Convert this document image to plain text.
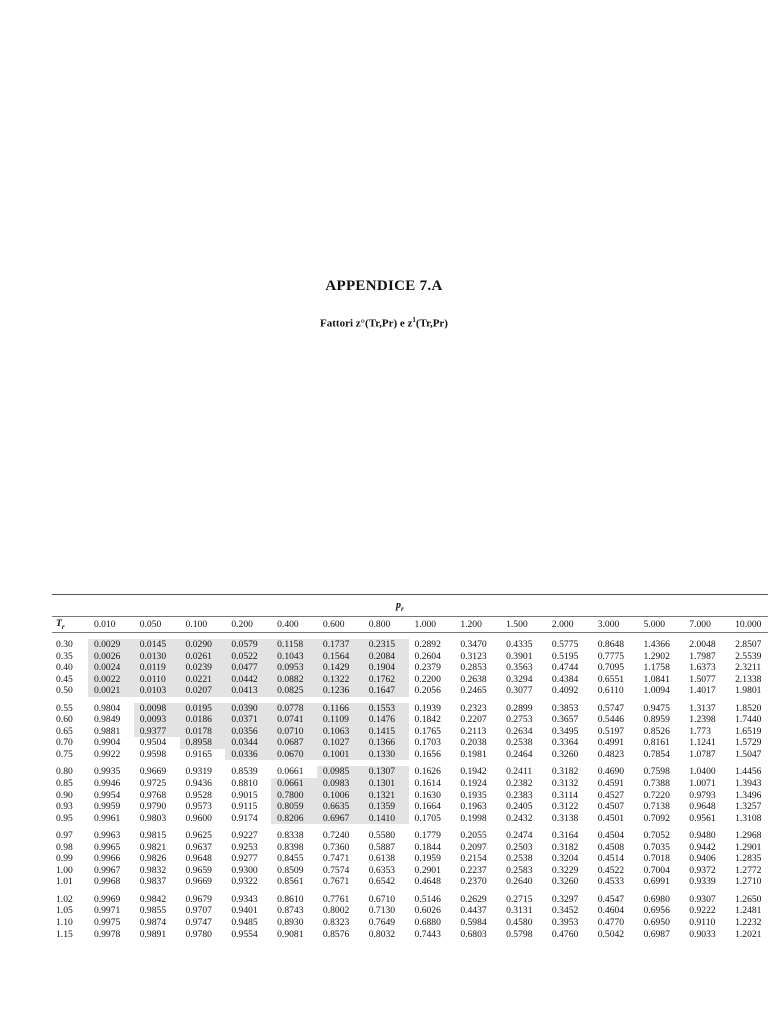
APPENDICE 7.A
Fattori z°(Tr,Pr) e $z^1(Tr,Pr)$
$p_r$
$T_r$	0.010	0.050	0.100	0.200	0.400	0.600	0.800	1.000	1.200	1.500	2.000	3.000	5.000	7.000	10.000

0.30	0.0029	0.0145	0.0290	0.0579	0.1158	0.1737	0.2315	0.2892	0.3470	0.4335	0.5775	0.8648	1.4366	2.0048	2.8507
0.35	0.0026	0.0130	0.0261	0.0522	0.1043	0.1564	0.2084	0.2604	0.3123	0.3901	0.5195	0.7775	1.2902	1.7987	2.5539
0.40	0.0024	0.0119	0.0239	0.0477	0.0953	0.1429	0.1904	0.2379	0.2853	0.3563	0.4744	0.7095	1.1758	1.6373	2.3211
0.45	0.0022	0.0110	0.0221	0.0442	0.0882	0.1322	0.1762	0.2200	0.2638	0.3294	0.4384	0.6551	1.0841	1.5077	2.1338
0.50	0.0021	0.0103	0.0207	0.0413	0.0825	0.1236	0.1647	0.2056	0.2465	0.3077	0.4092	0.6110	1.0094	1.4017	1.9801

0.55	0.9804	0.0098	0.0195	0.0390	0.0778	0.1166	0.1553	0.1939	0.2323	0.2899	0.3853	0.5747	0.9475	1.3137	1.8520
0.60	0.9849	0.0093	0.0186	0.0371	0.0741	0.1109	0.1476	0.1842	0.2207	0.2753	0.3657	0.5446	0.8959	1.2398	1.7440
0.65	0.9881	0.9377	0.0178	0.0356	0.0710	0.1063	0.1415	0.1765	0.2113	0.2634	0.3495	0.5197	0.8526	1.773	1.6519
0.70	0.9904	0.9504	0.8958	0.0344	0.0687	0.1027	0.1366	0.1703	0.2038	0.2538	0.3364	0.4991	0.8161	1.1241	1.5729
0.75	0.9922	0.9598	0.9165	0.0336	0.0670	0.1001	0.1330	0.1656	0.1981	0.2464	0.3260	0.4823	0.7854	1.0787	1.5047

0.80	0.9935	0.9669	0.9319	0.8539	0.0661	0.0985	0.1307	0.1626	0.1942	0.2411	0.3182	0.4690	0.7598	1.0400	1.4456
0.85	0.9946	0.9725	0.9436	0.8810	0.0661	0.0983	0.1301	0.1614	0.1924	0.2382	0.3132	0.4591	0.7388	1.0071	1.3943
0.90	0.9954	0.9768	0.9528	0.9015	0.7800	0.1006	0.1321	0.1630	0.1935	0.2383	0.3114	0.4527	0.7220	0.9793	1.3496
0.93	0.9959	0.9790	0.9573	0.9115	0.8059	0.6635	0.1359	0.1664	0.1963	0.2405	0.3122	0.4507	0.7138	0.9648	1.3257
0.95	0.9961	0.9803	0.9600	0.9174	0.8206	0.6967	0.1410	0.1705	0.1998	0.2432	0.3138	0.4501	0.7092	0.9561	1.3108

0.97	0.9963	0.9815	0.9625	0.9227	0.8338	0.7240	0.5580	0.1779	0.2055	0.2474	0.3164	0.4504	0.7052	0.9480	1.2968
0.98	0.9965	0.9821	0.9637	0.9253	0.8398	0.7360	0.5887	0.1844	0.2097	0.2503	0.3182	0.4508	0.7035	0.9442	1.2901
0.99	0.9966	0.9826	0.9648	0.9277	0.8455	0.7471	0.6138	0.1959	0.2154	0.2538	0.3204	0.4514	0.7018	0.9406	1.2835
1.00	0.9967	0.9832	0.9659	0.9300	0.8509	0.7574	0.6353	0.2901	0.2237	0.2583	0.3229	0.4522	0.7004	0.9372	1.2772
1.01	0.9968	0.9837	0.9669	0.9322	0.8561	0.7671	0.6542	0.4648	0.2370	0.2640	0.3260	0.4533	0.6991	0.9339	1.2710

1.02	0.9969	0.9842	0.9679	0.9343	0.8610	0.7761	0.6710	0.5146	0.2629	0.2715	0.3297	0.4547	0.6980	0.9307	1.2650
1.05	0.9971	0.9855	0.9707	0.9401	0.8743	0.8002	0.7130	0.6026	0.4437	0.3131	0.3452	0.4604	0.6956	0.9222	1.2481
1.10	0.9975	0.9874	0.9747	0.9485	0.8930	0.8323	0.7649	0.6880	0.5984	0.4580	0.3953	0.4770	0.6950	0.9110	1.2232
1.15	0.9978	0.9891	0.9780	0.9554	0.9081	0.8576	0.8032	0.7443	0.6803	0.5798	0.4760	0.5042	0.6987	0.9033	1.2021
